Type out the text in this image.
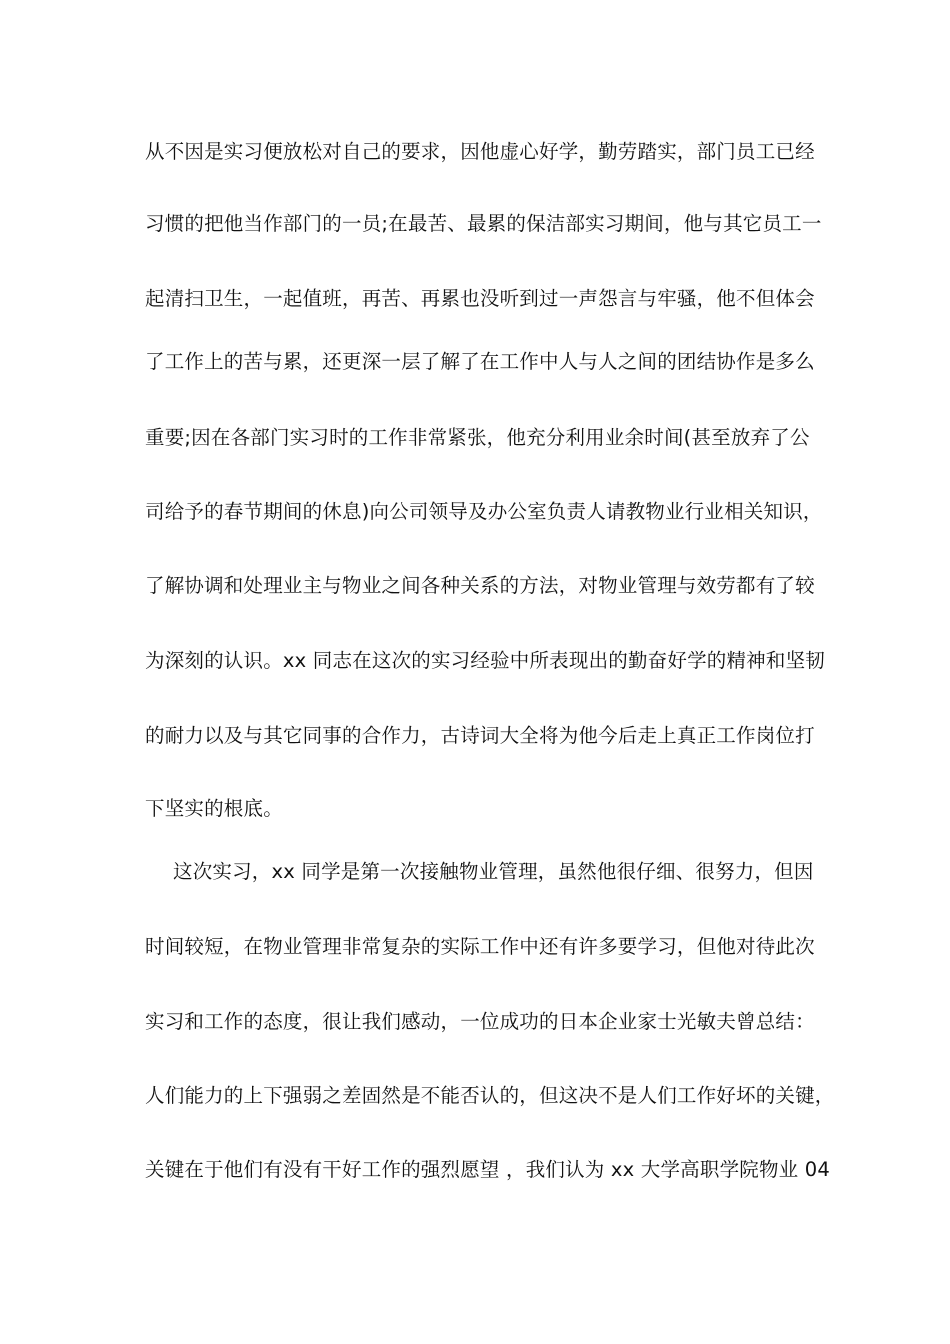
从不因是实习便放松对自己的要求，因他虚心好学，勤劳踏实，部门员工已经
习惯的把他当作部门的一员;在最苦、最累的保洁部实习期间，他与其它员工一
起清扫卫生，一起值班，再苦、再累也没听到过一声怨言与牢骚，他不但体会
了工作上的苦与累，还更深一层了解了在工作中人与人之间的团结协作是多么
重要;因在各部门实习时的工作非常紧张，他充分利用业余时间(甚至放弃了公
司给予的春节期间的休息)向公司领导及办公室负责人请教物业行业相关知识，
了解协调和处理业主与物业之间各种关系的方法，对物业管理与效劳都有了较
为深刻的认识。xx 同志在这次的实习经验中所表现出的勤奋好学的精神和坚韧
的耐力以及与其它同事的合作力，古诗词大全将为他今后走上真正工作岗位打
下坚实的根底。
这次实习，xx 同学是第一次接触物业管理，虽然他很仔细、很努力，但因
时间较短，在物业管理非常复杂的实际工作中还有许多要学习，但他对待此次
实习和工作的态度，很让我们感动，一位成功的日本企业家士光敏夫曾总结：
人们能力的上下强弱之差固然是不能否认的，但这决不是人们工作好坏的关键，
关键在于他们有没有干好工作的强烈愿望 ，我们认为 xx 大学高职学院物业 04
